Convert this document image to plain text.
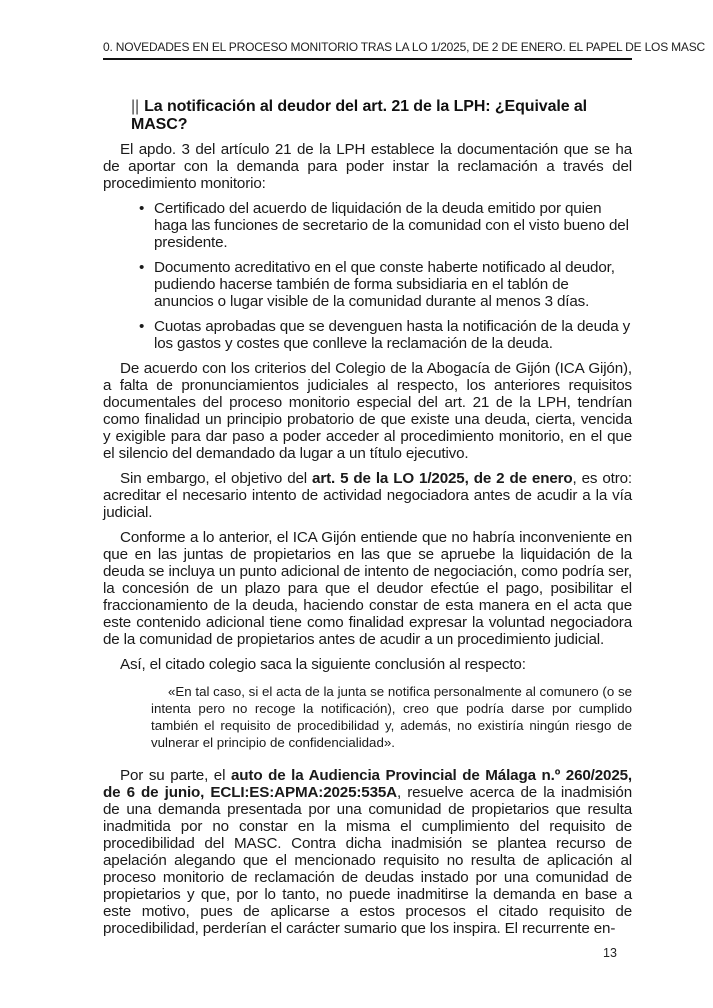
0. NOVEDADES EN EL PROCESO MONITORIO TRAS LA LO 1/2025, DE 2 DE ENERO. EL PAPEL DE LOS MASC
|| La notificación al deudor del art. 21 de la LPH: ¿Equivale al MASC?

El apdo. 3 del artículo 21 de la LPH establece la documentación que se ha de aportar con la demanda para poder instar la reclamación a través del procedimiento monitorio:

• Certificado del acuerdo de liquidación de la deuda emitido por quien haga las funciones de secretario de la comunidad con el visto bueno del presidente.
• Documento acreditativo en el que conste haberte notificado al deudor, pudiendo hacerse también de forma subsidiaria en el tablón de anuncios o lugar visible de la comunidad durante al menos 3 días.
• Cuotas aprobadas que se devenguen hasta la notificación de la deuda y los gastos y costes que conlleve la reclamación de la deuda.

De acuerdo con los criterios del Colegio de la Abogacía de Gijón (ICA Gijón), a falta de pronunciamientos judiciales al respecto, los anteriores requisitos documentales del proceso monitorio especial del art. 21 de la LPH, tendrían como finalidad un principio probatorio de que existe una deuda, cierta, vencida y exigible para dar paso a poder acceder al procedimiento monitorio, en el que el silencio del demandado da lugar a un título ejecutivo.

Sin embargo, el objetivo del art. 5 de la LO 1/2025, de 2 de enero, es otro: acreditar el necesario intento de actividad negociadora antes de acudir a la vía judicial.

Conforme a lo anterior, el ICA Gijón entiende que no habría inconveniente en que en las juntas de propietarios en las que se apruebe la liquidación de la deuda se incluya un punto adicional de intento de negociación, como podría ser, la concesión de un plazo para que el deudor efectúe el pago, posibilitar el fraccionamiento de la deuda, haciendo constar de esta manera en el acta que este contenido adicional tiene como finalidad expresar la voluntad negociadora de la comunidad de propietarios antes de acudir a un procedimiento judicial.

Así, el citado colegio saca la siguiente conclusión al respecto:

«En tal caso, si el acta de la junta se notifica personalmente al comunero (o se intenta pero no recoge la notificación), creo que podría darse por cumplido también el requisito de procedibilidad y, además, no existiría ningún riesgo de vulnerar el principio de confidencialidad».

Por su parte, el auto de la Audiencia Provincial de Málaga n.º 260/2025, de 6 de junio, ECLI:ES:APMA:2025:535A, resuelve acerca de la inadmisión de una demanda presentada por una comunidad de propietarios que resulta inadmitida por no constar en la misma el cumplimiento del requisito de procedibilidad del MASC. Contra dicha inadmisión se plantea recurso de apelación alegando que el mencionado requisito no resulta de aplicación al proceso monitorio de reclamación de deudas instado por una comunidad de propietarios y que, por lo tanto, no puede inadmitirse la demanda en base a este motivo, pues de aplicarse a estos procesos el citado requisito de procedibilidad, perderían el carácter sumario que los inspira. El recurrente en-

13
